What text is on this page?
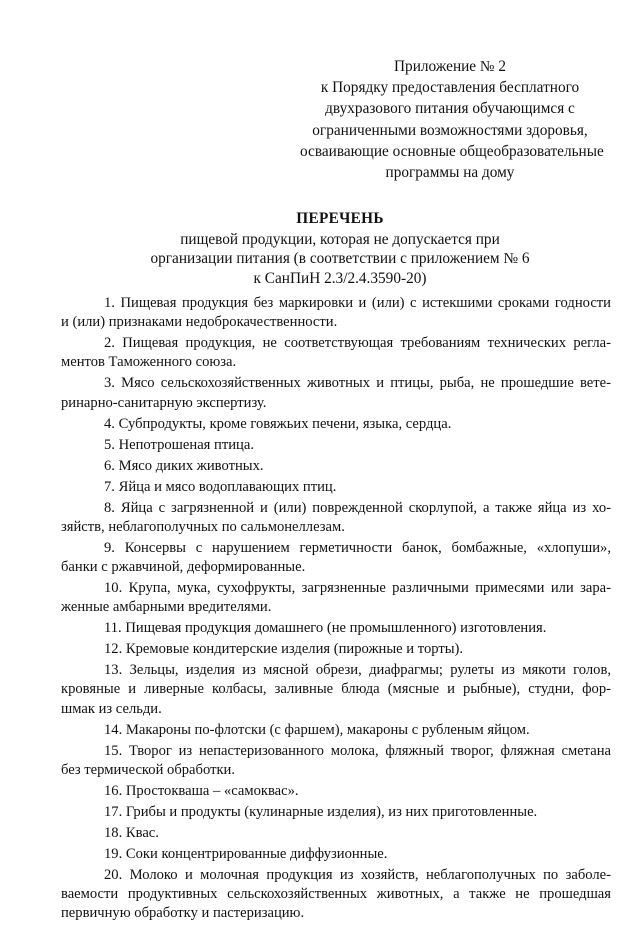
Приложение № 2
к Порядку предоставления бесплатного
двухразового питания обучающимся с
ограниченными возможностями здоровья,
осваивающие основные общеобразовательные
программы на дому
ПЕРЕЧЕНЬ
пищевой продукции, которая не допускается при
организации питания (в соответствии с приложением № 6
к СанПиН 2.3/2.4.3590-20)
1. Пищевая продукция без маркировки и (или) с истекшими сроками годности
и (или) признаками недоброкачественности.
2. Пищевая продукция, не соответствующая требованиям технических регла-
ментов Таможенного союза.
3. Мясо сельскохозяйственных животных и птицы, рыба, не прошедшие вете-
ринарно-санитарную экспертизу.
4. Субпродукты, кроме говяжьих печени, языка, сердца.
5. Непотрошеная птица.
6. Мясо диких животных.
7. Яйца и мясо водоплавающих птиц.
8. Яйца с загрязненной и (или) поврежденной скорлупой, а также яйца из хо-
зяйств, неблагополучных по сальмонеллезам.
9. Консервы с нарушением герметичности банок, бомбажные, «хлопуши»,
банки с ржавчиной, деформированные.
10. Крупа, мука, сухофрукты, загрязненные различными примесями или зара-
женные амбарными вредителями.
11. Пищевая продукция домашнего (не промышленного) изготовления.
12. Кремовые кондитерские изделия (пирожные и торты).
13. Зельцы, изделия из мясной обрези, диафрагмы; рулеты из мякоти голов,
кровяные и ливерные колбасы, заливные блюда (мясные и рыбные), студни, фор-
шмак из сельди.
14. Макароны по-флотски (с фаршем), макароны с рубленым яйцом.
15. Творог из непастеризованного молока, фляжный творог, фляжная сметана
без термической обработки.
16. Простокваша – «самоквас».
17. Грибы и продукты (кулинарные изделия), из них приготовленные.
18. Квас.
19. Соки концентрированные диффузионные.
20. Молоко и молочная продукция из хозяйств, неблагополучных по заболе-
ваемости продуктивных сельскохозяйственных животных, а также не прошедшая
первичную обработку и пастеризацию.
